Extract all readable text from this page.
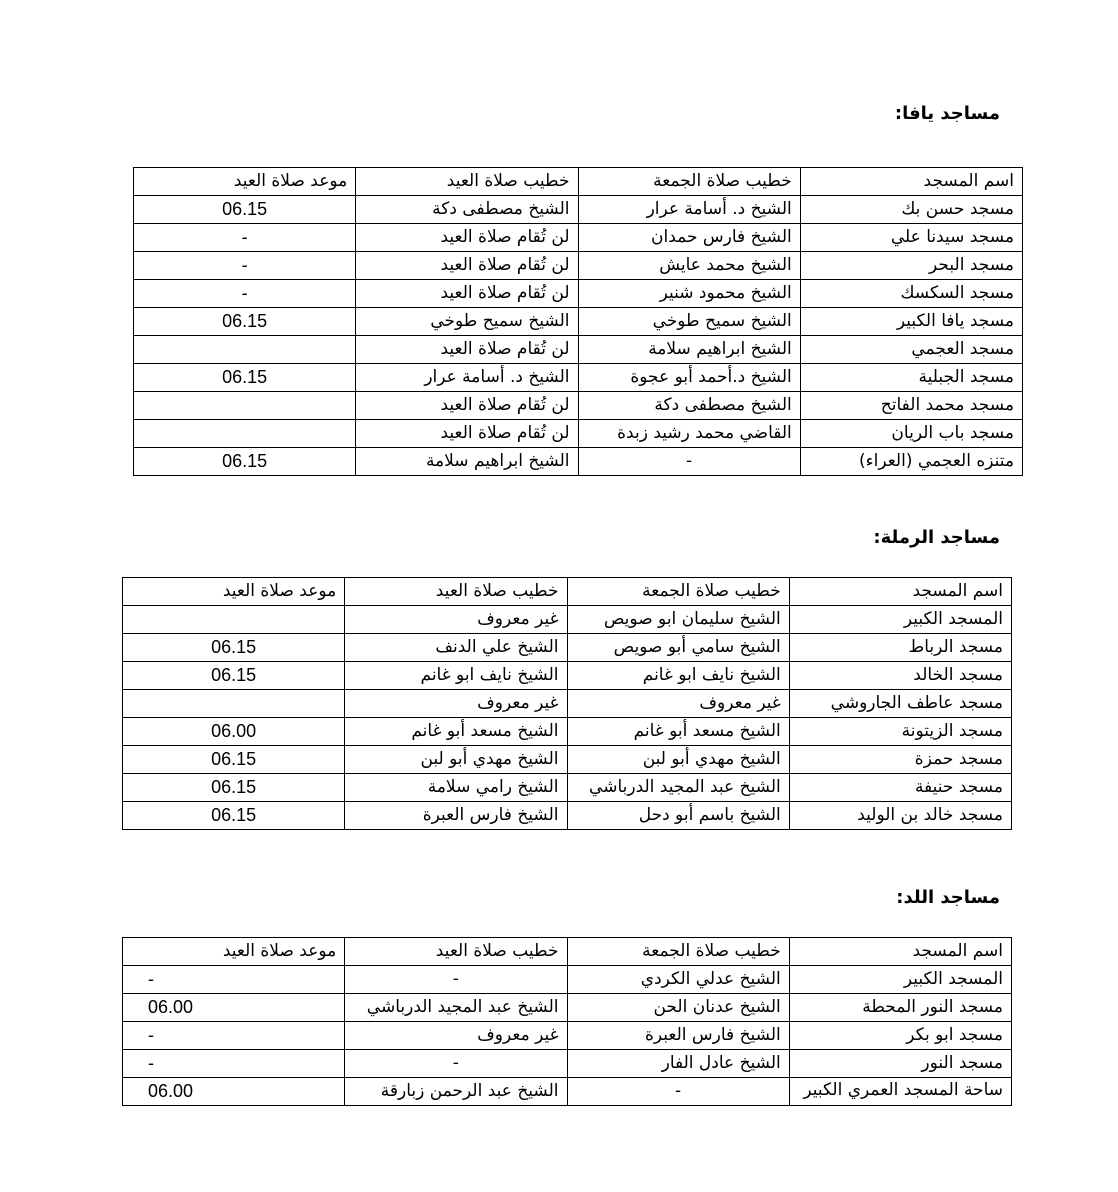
مساجد يافا:
اسم المسجد	خطيب صلاة الجمعة	خطيب صلاة العيد	موعد صلاة العيد
مسجد حسن بك	الشيخ د. أسامة عرار	الشيخ مصطفى دكة	06.15
مسجد سيدنا علي	الشيخ فارس حمدان	لن تُقام صلاة العيد	-
مسجد البحر	الشيخ محمد عايش	لن تُقام صلاة العيد	-
مسجد السكسك	الشيخ محمود شنير	لن تُقام صلاة العيد	-
مسجد يافا الكبير	الشيخ سميح طوخي	الشيخ سميح طوخي	06.15
مسجد العجمي	الشيخ ابراهيم سلامة	لن تُقام صلاة العيد	
مسجد الجبلية	الشيخ د.أحمد أبو عجوة	الشيخ د. أسامة عرار	06.15
مسجد محمد الفاتح	الشيخ مصطفى دكة	لن تُقام صلاة العيد	
مسجد باب الريان	القاضي محمد رشيد زبدة	لن تُقام صلاة العيد	
متنزه العجمي (العراء)	-	الشيخ ابراهيم سلامة	06.15
مساجد الرملة:
اسم المسجد	خطيب صلاة الجمعة	خطيب صلاة العيد	موعد صلاة العيد
المسجد الكبير	الشيخ سليمان ابو صويص	غير معروف	
مسجد الرباط	الشيخ سامي أبو صويص	الشيخ علي الدنف	06.15
مسجد الخالد	الشيخ نايف ابو غانم	الشيخ نايف ابو غانم	06.15
مسجد عاطف الجاروشي	غير معروف	غير معروف	
مسجد الزيتونة	الشيخ مسعد أبو غانم	الشيخ مسعد أبو غانم	06.00
مسجد حمزة	الشيخ مهدي أبو لبن	الشيخ مهدي أبو لبن	06.15
مسجد حنيفة	الشيخ عبد المجيد الدرباشي	الشيخ رامي سلامة	06.15
مسجد خالد بن الوليد	الشيخ باسم أبو دحل	الشيخ فارس العبرة	06.15
مساجد اللد:
اسم المسجد	خطيب صلاة الجمعة	خطيب صلاة العيد	موعد صلاة العيد
المسجد الكبير	الشيخ عدلي الكردي	-	-
مسجد النور المحطة	الشيخ عدنان الحن	الشيخ عبد المجيد الدرباشي	06.00
مسجد ابو بكر	الشيخ فارس العبرة	غير معروف	-
مسجد النور	الشيخ عادل الفار	-	-
ساحة المسجد العمري الكبير	-	الشيخ عبد الرحمن زبارقة	06.00
